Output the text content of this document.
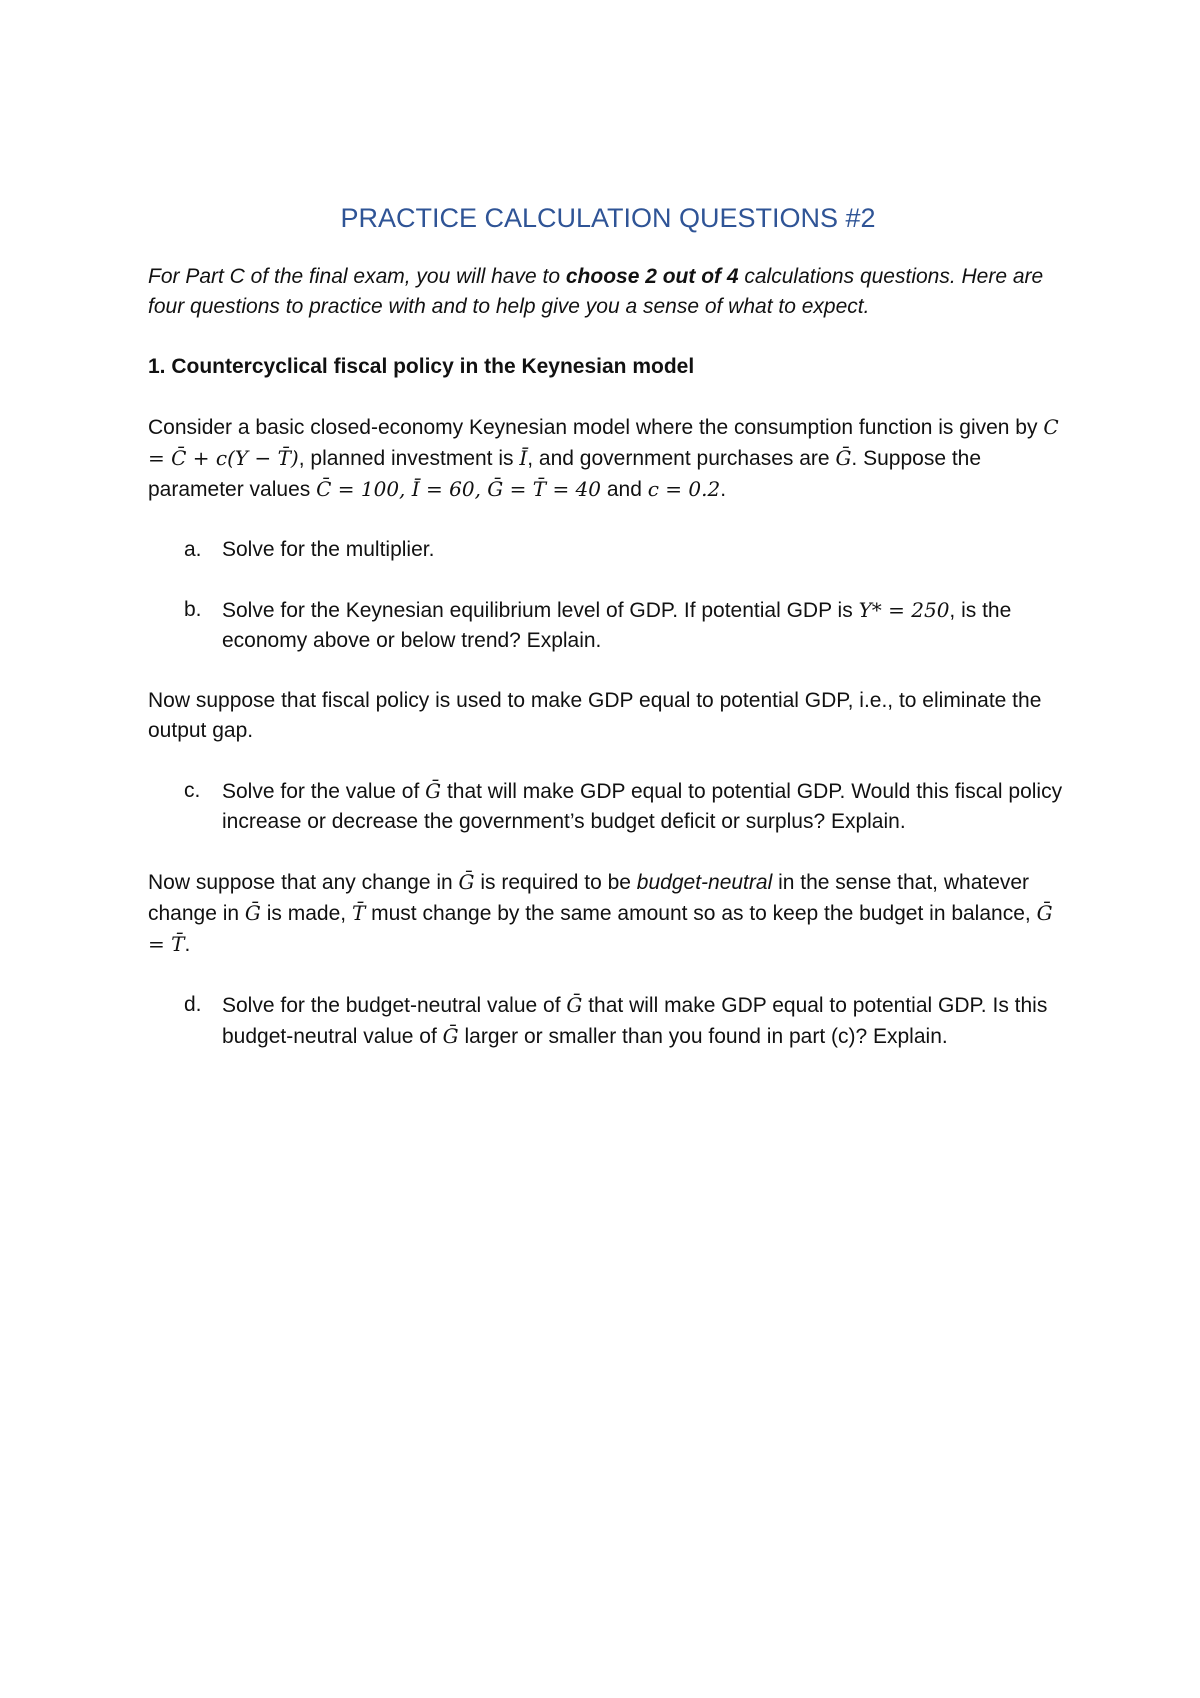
PRACTICE CALCULATION QUESTIONS #2

For Part C of the final exam, you will have to choose 2 out of 4 calculations questions. Here are four questions to practice with and to help give you a sense of what to expect.

1. Countercyclical fiscal policy in the Keynesian model

Consider a basic closed-economy Keynesian model where the consumption function is given by C = C̄ + c(Y − T̄), planned investment is Ī, and government purchases are Ḡ. Suppose the parameter values C̄ = 100, Ī = 60, Ḡ = T̄ = 40 and c = 0.2.

a. Solve for the multiplier.
b. Solve for the Keynesian equilibrium level of GDP. If potential GDP is Y* = 250, is the economy above or below trend? Explain.

Now suppose that fiscal policy is used to make GDP equal to potential GDP, i.e., to eliminate the output gap.

c. Solve for the value of Ḡ that will make GDP equal to potential GDP. Would this fiscal policy increase or decrease the government’s budget deficit or surplus? Explain.

Now suppose that any change in Ḡ is required to be budget-neutral in the sense that, whatever change in Ḡ is made, T̄ must change by the same amount so as to keep the budget in balance, Ḡ = T̄.

d. Solve for the budget-neutral value of Ḡ that will make GDP equal to potential GDP. Is this budget-neutral value of Ḡ larger or smaller than you found in part (c)? Explain.
